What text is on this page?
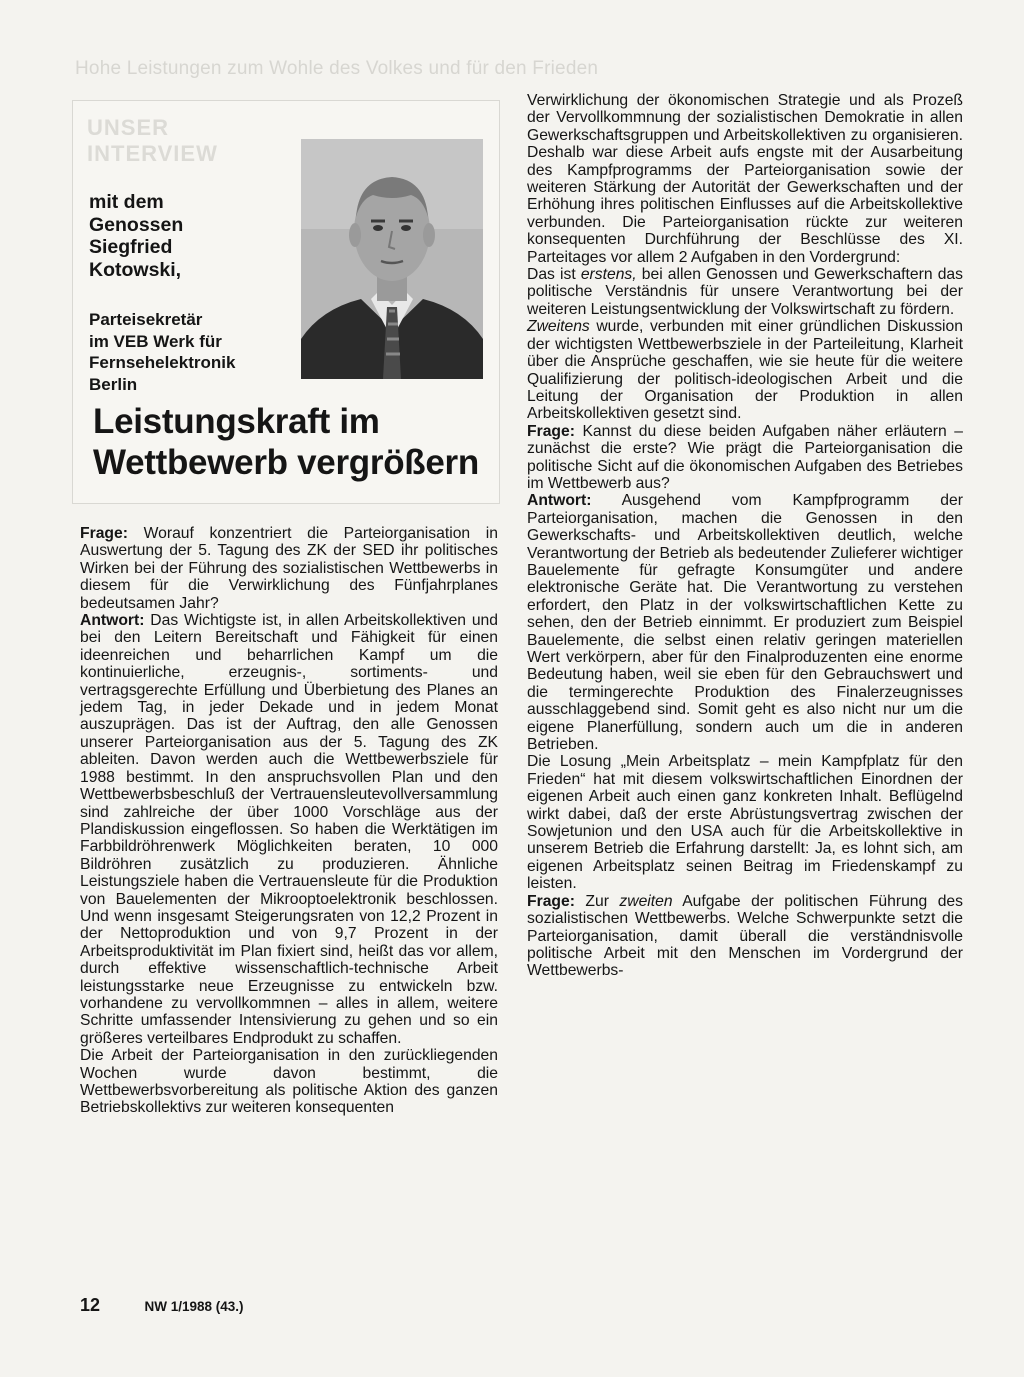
Hohe Leistungen zum Wohle des Volkes und für den Frieden
UNSER INTERVIEW

mit dem
Genossen
Siegfried
Kotowski,

Parteisekretär
im VEB Werk für
Fernsehelektronik
Berlin
Leistungskraft im
Wettbewerb vergrößern

Frage: Worauf konzentriert die Parteiorganisation in Auswertung der 5. Tagung des ZK der SED ihr politisches Wirken bei der Führung des sozialistischen Wettbewerbs in diesem für die Verwirklichung des Fünfjahrplanes bedeutsamen Jahr?

Antwort: Das Wichtigste ist, in allen Arbeitskollektiven und bei den Leitern Bereitschaft und Fähigkeit für einen ideenreichen und beharrlichen Kampf um die kontinuierliche, erzeugnis-, sortiments- und vertragsgerechte Erfüllung und Überbietung des Planes an jedem Tag, in jeder Dekade und in jedem Monat auszuprägen. Das ist der Auftrag, den alle Genossen unserer Parteiorganisation aus der 5. Tagung des ZK ableiten. Davon werden auch die Wettbewerbsziele für 1988 bestimmt. In den anspruchsvollen Plan und den Wettbewerbsbeschluß der Vertrauensleutevollversammlung sind zahlreiche der über 1000 Vorschläge aus der Plandiskussion eingeflossen. So haben die Werktätigen im Farbbildröhrenwerk Möglichkeiten beraten, 10 000 Bildröhren zusätzlich zu produzieren. Ähnliche Leistungsziele haben die Vertrauensleute für die Produktion von Bauelementen der Mikrooptoelektronik beschlossen. Und wenn insgesamt Steigerungsraten von 12,2 Prozent in der Nettoproduktion und von 9,7 Prozent in der Arbeitsproduktivität im Plan fixiert sind, heißt das vor allem, durch effektive wissenschaftlich-technische Arbeit leistungsstarke neue Erzeugnisse zu entwickeln bzw. vorhandene zu vervollkommnen – alles in allem, weitere Schritte umfassender Intensivierung zu gehen und so ein größeres verteilbares Endprodukt zu schaffen.

Die Arbeit der Parteiorganisation in den zurückliegenden Wochen wurde davon bestimmt, die Wettbewerbsvorbereitung als politische Aktion des ganzen Betriebskollektivs zur weiteren konsequenten

Verwirklichung der ökonomischen Strategie und als Prozeß der Vervollkommnung der sozialistischen Demokratie in allen Gewerkschaftsgruppen und Arbeitskollektiven zu organisieren. Deshalb war diese Arbeit aufs engste mit der Ausarbeitung des Kampfprogramms der Parteiorganisation sowie der weiteren Stärkung der Autorität der Gewerkschaften und der Erhöhung ihres politischen Einflusses auf die Arbeitskollektive verbunden. Die Parteiorganisation rückte zur weiteren konsequenten Durchführung der Beschlüsse des XI. Parteitages vor allem 2 Aufgaben in den Vordergrund:

Das ist erstens, bei allen Genossen und Gewerkschaftern das politische Verständnis für unsere Verantwortung bei der weiteren Leistungsentwicklung der Volkswirtschaft zu fördern.

Zweitens wurde, verbunden mit einer gründlichen Diskussion der wichtigsten Wettbewerbsziele in der Parteileitung, Klarheit über die Ansprüche geschaffen, wie sie heute für die weitere Qualifizierung der politisch-ideologischen Arbeit und die Leitung der Organisation der Produktion in allen Arbeitskollektiven gesetzt sind.

Frage: Kannst du diese beiden Aufgaben näher erläutern – zunächst die erste? Wie prägt die Parteiorganisation die politische Sicht auf die ökonomischen Aufgaben des Betriebes im Wettbewerb aus?

Antwort: Ausgehend vom Kampfprogramm der Parteiorganisation, machen die Genossen in den Gewerkschafts- und Arbeitskollektiven deutlich, welche Verantwortung der Betrieb als bedeutender Zulieferer wichtiger Bauelemente für gefragte Konsumgüter und andere elektronische Geräte hat. Die Verantwortung zu verstehen erfordert, den Platz in der volkswirtschaftlichen Kette zu sehen, den der Betrieb einnimmt. Er produziert zum Beispiel Bauelemente, die selbst einen relativ geringen materiellen Wert verkörpern, aber für den Finalproduzenten eine enorme Bedeutung haben, weil sie eben für den Gebrauchswert und die termingerechte Produktion des Finalerzeugnisses ausschlaggebend sind. Somit geht es also nicht nur um die eigene Planerfüllung, sondern auch um die in anderen Betrieben.

Die Losung „Mein Arbeitsplatz – mein Kampfplatz für den Frieden“ hat mit diesem volkswirtschaftlichen Einordnen der eigenen Arbeit auch einen ganz konkreten Inhalt. Beflügelnd wirkt dabei, daß der erste Abrüstungsvertrag zwischen der Sowjetunion und den USA auch für die Arbeitskollektive in unserem Betrieb die Erfahrung darstellt: Ja, es lohnt sich, am eigenen Arbeitsplatz seinen Beitrag im Friedenskampf zu leisten.

Frage: Zur zweiten Aufgabe der politischen Führung des sozialistischen Wettbewerbs. Welche Schwerpunkte setzt die Parteiorganisation, damit überall die verständnisvolle politische Arbeit mit den Menschen im Vordergrund der Wettbewerbs-

12	NW 1/1988 (43.)
